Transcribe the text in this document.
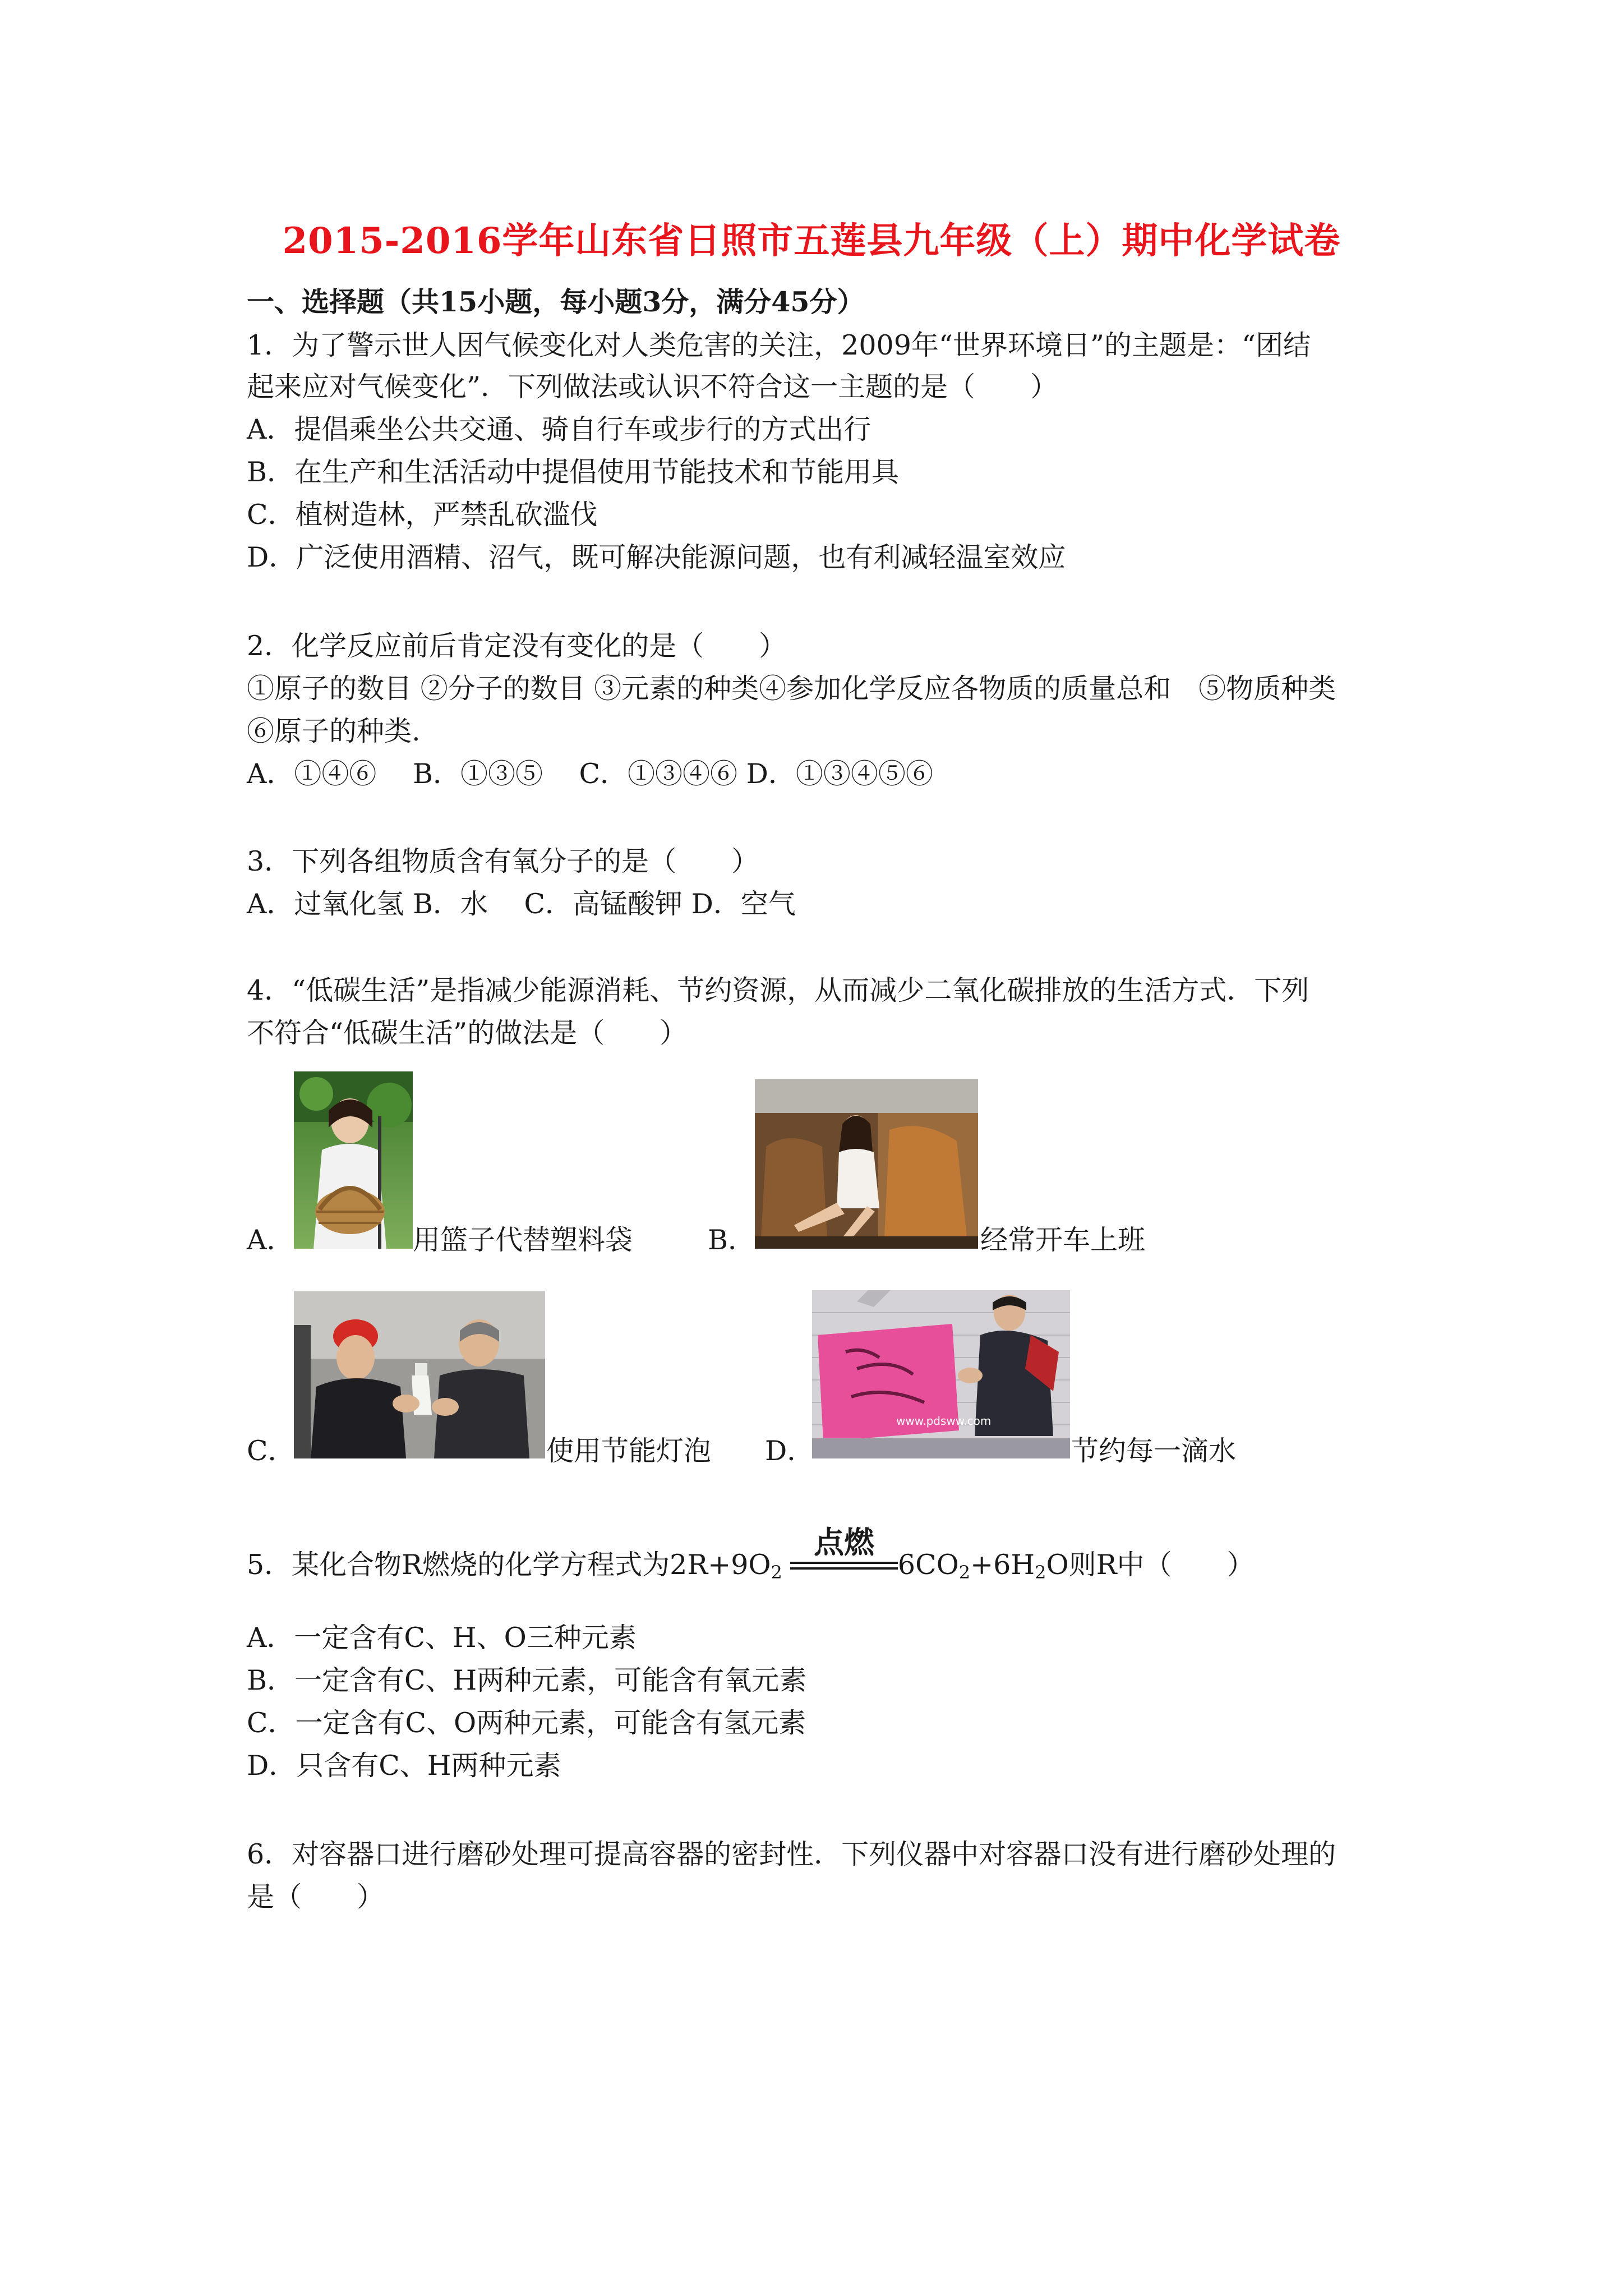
2015-2016学年山东省日照市五莲县九年级（上）期中化学试卷
一、选择题（共15小题，每小题3分，满分45分）
1．为了警示世人因气候变化对人类危害的关注，2009年“世界环境日”的主题是：“团结
起来应对气候变化”．下列做法或认识不符合这一主题的是（　　）
A．提倡乘坐公共交通、骑自行车或步行的方式出行
B．在生产和生活活动中提倡使用节能技术和节能用具
C．植树造林，严禁乱砍滥伐
D．广泛使用酒精、沼气，既可解决能源问题，也有利减轻温室效应
2．化学反应前后肯定没有变化的是（　　）
①原子的数目 ②分子的数目 ③元素的种类④参加化学反应各物质的质量总和　⑤物质种类
⑥原子的种类.
A．①④⑥　 B．①③⑤　 C．①③④⑥ D．①③④⑤⑥
3．下列各组物质含有氧分子的是（　　）
A．过氧化氢 B．水　 C．高锰酸钾 D．空气
4．“低碳生活”是指减少能源消耗、节约资源，从而减少二氧化碳排放的生活方式．下列
不符合“低碳生活”的做法是（　　）
A．	用篮子代替塑料袋	B．	经常开车上班
C．	使用节能灯泡
www.pdsww.com
D．	节约每一滴水
5．某化合物R燃烧的化学方程式为$2R+9O_2$	$6CO_2+6H_2O$则R中（　　）
点燃
A．一定含有C、H、O三种元素
B．一定含有C、H两种元素，可能含有氧元素
C．一定含有C、O两种元素，可能含有氢元素
D．只含有C、H两种元素
6．对容器口进行磨砂处理可提高容器的密封性．下列仪器中对容器口没有进行磨砂处理的
是（　　）
